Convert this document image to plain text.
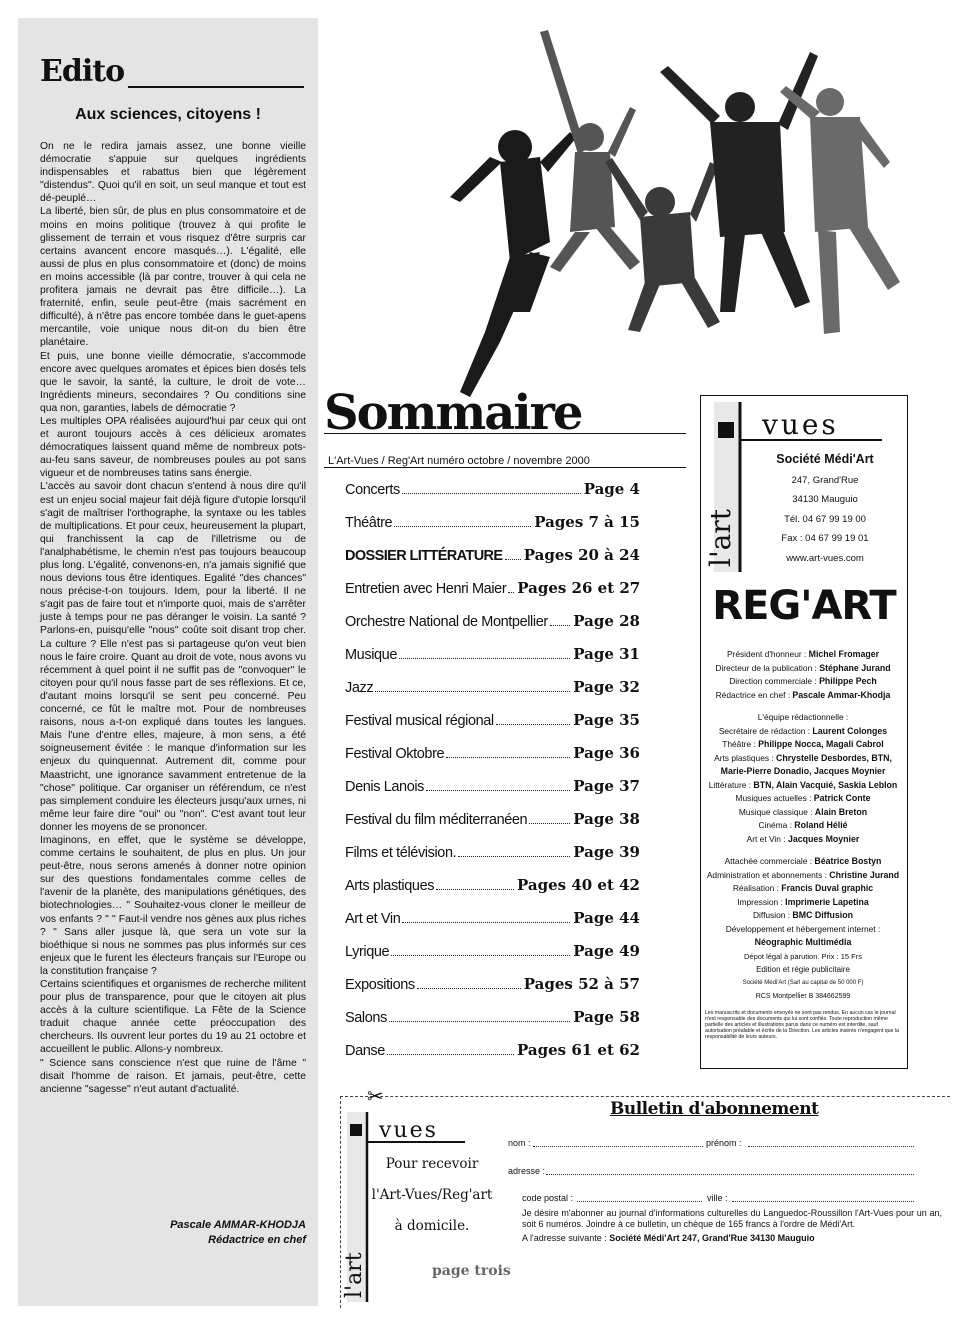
Edito
Aux sciences, citoyens !

On ne le redira jamais assez, une bonne vieille démocratie s'appuie sur quelques ingrédients indispensables et rabattus bien que légèrement "distendus". Quoi qu'il en soit, un seul manque et tout est dé-peuplé…

La liberté, bien sûr, de plus en plus consommatoire et de moins en moins politique (trouvez à qui profite le glissement de terrain et vous risquez d'être surpris car certains avancent encore masqués…). L'égalité, elle aussi de plus en plus consommatoire et (donc) de moins en moins accessible (là par contre, trouver à qui cela ne profitera jamais ne devrait pas être difficile…). La fraternité, enfin, seule peut-être (mais sacrément en difficulté), à n'être pas encore tombée dans le guet-apens mercantile, voie unique nous dit-on du bien être planétaire.

Et puis, une bonne vieille démocratie, s'accommode encore avec quelques aromates et épices bien dosés tels que le savoir, la santé, la culture, le droit de vote… Ingrédients mineurs, secondaires ? Ou conditions sine qua non, garanties, labels de démocratie ?

Les multiples OPA réalisées aujourd'hui par ceux qui ont et auront toujours accès à ces délicieux aromates démocratiques laissent quand même de nombreux pots-au-feu sans saveur, de nombreuses poules au pot sans vigueur et de nombreuses tatins sans énergie.

L'accès au savoir dont chacun s'entend à nous dire qu'il est un enjeu social majeur fait déjà figure d'utopie lorsqu'il s'agit de maîtriser l'orthographe, la syntaxe ou les tables de multiplications. Et pour ceux, heureusement la plupart, qui franchissent la cap de l'illetrisme ou de l'analphabétisme, le chemin n'est pas toujours beaucoup plus long. L'égalité, convenons-en, n'a jamais signifié que nous devions tous être identiques. Egalité "des chances" nous précise-t-on toujours. Idem, pour la liberté. Il ne s'agit pas de faire tout et n'importe quoi, mais de s'arrêter juste à temps pour ne pas déranger le voisin. La santé ? Parlons-en, puisqu'elle "nous" coûte soit disant trop cher. La culture ? Elle n'est pas si partageuse qu'on veut bien nous le faire croire. Quant au droit de vote, nous avons vu récemment à quel point il ne suffit pas de "convoquer" le citoyen pour qu'il nous fasse part de ses réflexions. Et ce, d'autant moins lorsqu'il se sent peu concerné. Peu concerné, ce fût le maître mot. Pour de nombreuses raisons, nous a-t-on expliqué dans toutes les langues. Mais l'une d'entre elles, majeure, à mon sens, a été soigneusement évitée : le manque d'information sur les enjeux du quinquennat. Autrement dit, comme pour Maastricht, une ignorance savamment entretenue de la "chose" politique. Car organiser un référendum, ce n'est pas simplement conduire les électeurs jusqu'aux urnes, ni même leur faire dire "oui" ou "non". C'est avant tout leur donner les moyens de se prononcer.

Imaginons, en effet, que le système se développe, comme certains le souhaitent, de plus en plus. Un jour peut-être, nous serons amenés à donner notre opinion sur des questions fondamentales comme celles de l'avenir de la planète, des manipulations génétiques, des biotechnologies… " Souhaitez-vous cloner le meilleur de vos enfants ? " " Faut-il vendre nos gènes aux plus riches ? " Sans aller jusque là, que sera un vote sur la bioéthique si nous ne sommes pas plus informés sur ces enjeux que le furent les électeurs français sur l'Europe ou la constitution française ?

Certains scientifiques et organismes de recherche militent pour plus de transparence, pour que le citoyen ait plus accès à la culture scientifique. La Fête de la Science traduit chaque année cette préoccupation des chercheurs. Ils ouvrent leur portes du 19 au 21 octobre et accueillent le public. Allons-y nombreux.

" Science sans conscience n'est que ruine de l'âme " disait l'homme de raison. Et jamais, peut-être, cette ancienne "sagesse" n'eut autant d'actualité.

Pascale AMMAR-KHODJA
Rédactrice en chef
Sommaire
L'Art-Vues / Reg'Art numéro octobre / novembre 2000
Concerts	Page 4
Théâtre	Pages 7 à 15
DOSSIER LITTÉRATURE Pages 20 à 24
Entretien avec Henri Maier Pages 26 et 27
Orchestre National de Montpellier Page 28
Musique	Page 31
Jazz	Page 32
Festival musical régional	Page 35
Festival Oktobre	Page 36
Denis Lanois	Page 37
Festival du film méditerranéen	Page 38
Films et télévision.	Page 39
Arts plastiques	Pages 40 et 42
Art et Vin	Page 44
Lyrique	Page 49
Expositions	Pages 52 à 57
Salons	Page 58
Danse	Pages 61 et 62
l'art
vues
Société Médi'Art
247, Grand'Rue
34130 Mauguio
Tél. 04 67 99 19 00
Fax : 04 67 99 19 01
www.art-vues.com
REG'ART
Président d'honneur : Michel Fromager
Directeur de la publication : Stéphane Jurand
Direction commerciale : Philippe Pech
Rédactrice en chef : Pascale Ammar-Khodja
L'équipe rédactionnelle :
Secrétaire de rédaction : Laurent Colonges
Théâtre : Philippe Nocca, Magali Cabrol
Arts plastiques : Chrystelle Desbordes, BTN, Marie-Pierre Donadio, Jacques Moynier
Littérature : BTN, Alain Vacquié, Saskia Leblon
Musiques actuelles : Patrick Conte
Musique classique : Alain Breton
Cinéma : Roland Hélié
Art et Vin : Jacques Moynier
Attachée commerciale : Béatrice Bostyn
Administration et abonnements : Christine Jurand
Réalisation : Francis Duval graphic
Impression : Imprimerie Lapetina
Diffusion : BMC Diffusion
Développement et hébergement internet :
Néographic Multimédia
Dépot légal à parution. Prix : 15 Frs
Edition et régie publicitaire
Société Médi'Art (Sarl au capital de 50 000 F)
RCS Montpellier B 384662599
Les manuscrits et documents envoyés ne sont pas rendus. En aucun cas le journal n'est responsable des documents qui lui sont confiés. Toute reproduction même partielle des articles et illustrations parus dans ce numéro est interdite, sauf autorisation préalable et écrite de la Direction. Les articles insérés n'engagent que la responsabilité de leurs auteurs.
✂
l'art
vues
Pour recevoir
l'Art-Vues/Reg'art
à domicile.
Bulletin d'abonnement
nom :	prénom :
adresse :
code postal :	ville :
Je désire m'abonner au journal d'informations culturelles du Languedoc-Roussillon l'Art-Vues pour un an, soit 6 numéros. Joindre à ce bulletin, un chèque de 165 francs à l'ordre de Médi'Art.
A l'adresse suivante : Société Médi'Art 247, Grand'Rue 34130 Mauguio
page trois
